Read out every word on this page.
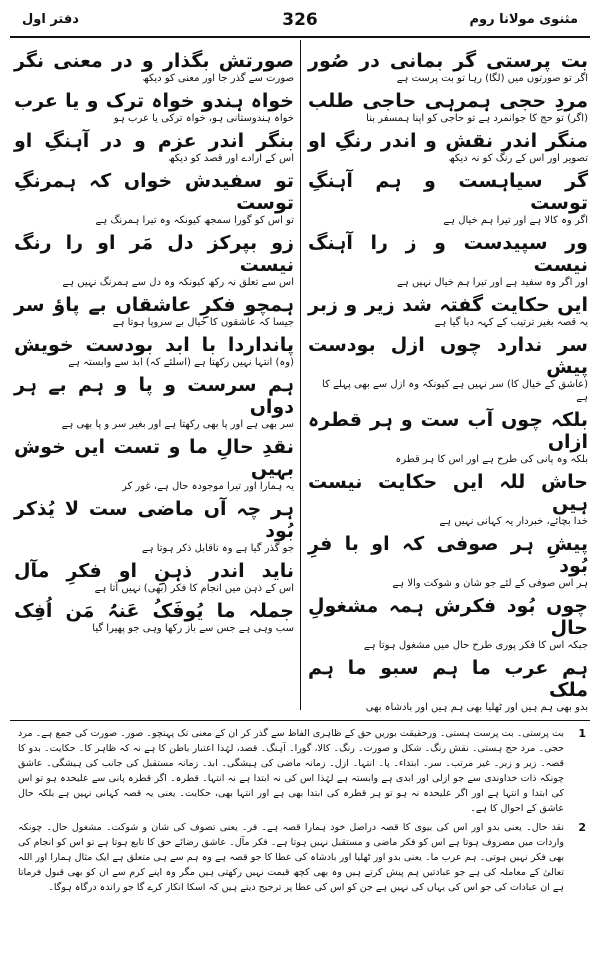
مثنوی مولانا روم
326
دفتر اول
بت پرستی گر بمانی در صُور
اگر تو صورتوں میں (لگا) رہا تو بت پرست ہے
مردِ حجی ہمرہی حاجی طلب
(اگر) تو حج کا جوانمرد ہے تو حاجی کو اپنا ہمسفر بنا
منگر اندر نقش و اندر رنگِ او
تصویر اور اس کے رنگ کو نہ دیکھ
گر سیاہست و ہم آہنگِ توست
اگر وہ کالا ہے اور تیرا ہم خیال ہے
ور سپیدست و ز را آہنگ نیست
اور اگر وہ سفید ہے اور تیرا ہم خیال نہیں ہے
ایں حکایت گفتہ شد زیر و زبر
یہ قصہ بغیر ترتیب کے کہہ دیا گیا ہے
سر ندارد چوں ازل بودست پیش
(عاشق کے خیال کا) سر نہیں ہے کیونکہ وہ ازل سے بھی پہلے کا ہے
بلکہ چوں آب ست و ہر قطرہ ازاں
بلکہ وہ پانی کی طرح ہے اور اس کا ہر قطرہ
حاش للہ ایں حکایت نیست ہیں
خدا بچائے، خبردار یہ کہانی نہیں ہے
پیشِ ہر صوفی کہ او با فرِ بُود
ہر اس صوفی کے لئے جو شان و شوکت والا ہے
چوں بُود فکرش ہمہ مشغولِ حال
جبکہ اس کا فکر پوری طرح حال میں مشغول ہوتا ہے
ہم عرب ما ہم سبو ما ہم ملک
بدو بھی ہم ہیں اور ٹھلیا بھی ہم ہیں اور بادشاہ بھی
صورتش بگذار و در معنی نگر
صورت سے گذر جا اور معنی کو دیکھ
خواہ ہندو خواہ ترک و یا عرب
خواہ ہندوستانی ہو، خواہ ترکی یا عرب ہو
بنگر اندر عزم و در آہنگِ او
اس کے ارادے اور قصد کو دیکھ
تو سفیدش خواں کہ ہمرنگِ توست
تو اس کو گورا سمجھ کیونکہ وہ تیرا ہمرنگ ہے
زو بپرکز دل مَر او را رنگ نیست
اس سے تعلق نہ رکھ کیونکہ وہ دل سے ہمرنگ نہیں ہے
ہمچو فکرِ عاشقاں بے پاؤ سر
جیسا کہ عاشقوں کا خیال بے سروپا ہوتا ہے
پانداردا با ابد بودست خویش
(وہ) انتہا نہیں رکھتا ہے (اسلئے کہ) ابد سے وابستہ ہے
ہم سرست و پا و ہم بے ہر دواں
سر بھی ہے اور پا بھی رکھتا ہے اور بغیر سر و پا بھی ہے
نقدِ حالِ ما و تست ایں خوش بہیں
یہ ہمارا اور تیرا موجودہ حال ہے، غور کر
ہر چہ آں ماضی ست لا یُذکر بُود
جو گذر گیا ہے وہ ناقابل ذکر ہوتا ہے
ناید اندر ذہنِ او فکرِ مآل
اس کے ذہن میں انجام کا فکر (بھی) نہیں آتا ہے
جملہ ما یُوفَکُ عَنہُ مَن اُفِک
سب وہی ہے جس سے باز رکھا وہی جو پھیرا گیا
1
بت پرستی۔ بت پرست ہستی۔ ورحقیقت بوریں حق کے ظاہری الفاظ سے گذر کر ان کے معنی تک پہنچو۔ صور۔ صورت کی جمع ہے۔ مرد حجی۔ مرد حج ہستی۔ نقش رنگ۔ شکل و صورت۔ رنگ۔ کالا، گورا۔ آہنگ۔ قصد، لہٰذا اعتبار باطن کا ہے نہ کہ ظاہر کا۔ حکایت۔ بدو کا قصہ۔ زیر و زبر۔ غیر مرتب۔ سر۔ ابتداء۔ پا۔ انتہا۔ ازل۔ زمانہ ماضی کی ہیشگی۔ ابد۔ زمانہ مستقبل کی جانب کی ہیشگی۔ عاشق چونکہ ذات خداوندی سے جو ازلی اور ابدی ہے وابستہ ہے لہٰذا اس کی نہ ابتدا ہے نہ انتہا۔ قطرہ۔ اگر قطرہ پانی سے علیحدہ ہو تو اس کی ابتدا و انتہا ہے اور اگر علیحدہ نہ ہو تو ہر قطرہ کی ابتدا بھی ہے اور انتہا بھی، حکایت۔ یعنی یہ قصہ کہانی نہیں ہے بلکہ حال عاشق کے احوال کا ہے۔
2
نقد حال۔ یعنی بدو اور اس کی بیوی کا قصہ دراصل خود ہمارا قصہ ہے۔ فر۔ یعنی تصوف کی شان و شوکت۔ مشغول حال۔ چونکہ واردات میں مصروف ہوتا ہے اس کو فکر ماضی و مستقبل نہیں ہوتا ہے۔ فکر مآل۔ عاشق رضائے حق کا تابع ہوتا ہے تو اس کو انجام کی بھی فکر نہیں ہوتی۔ ہم عرب ما۔ یعنی بدو اور ٹھلیا اور بادشاہ کی عطا کا جو قصہ ہے وہ ہم سے ہی متعلق ہے ایک مثال ہمارا اور اللہ تعالیٰ کے معاملہ کی ہے جو عبادتیں ہم پیش کرتے ہیں وہ بھی کچھ قیمت نہیں رکھتی ہیں مگر وہ اپنے کرم سے ان کو بھی قبول فرماتا ہے ان عبادات کی جو اس کی یہاں کی نہیں ہے جن کو اس کی عطا پر ترجیح دیتے ہیں کہ اسکا انکار کرے گا جو راندہ درگاہ ہوگا۔
